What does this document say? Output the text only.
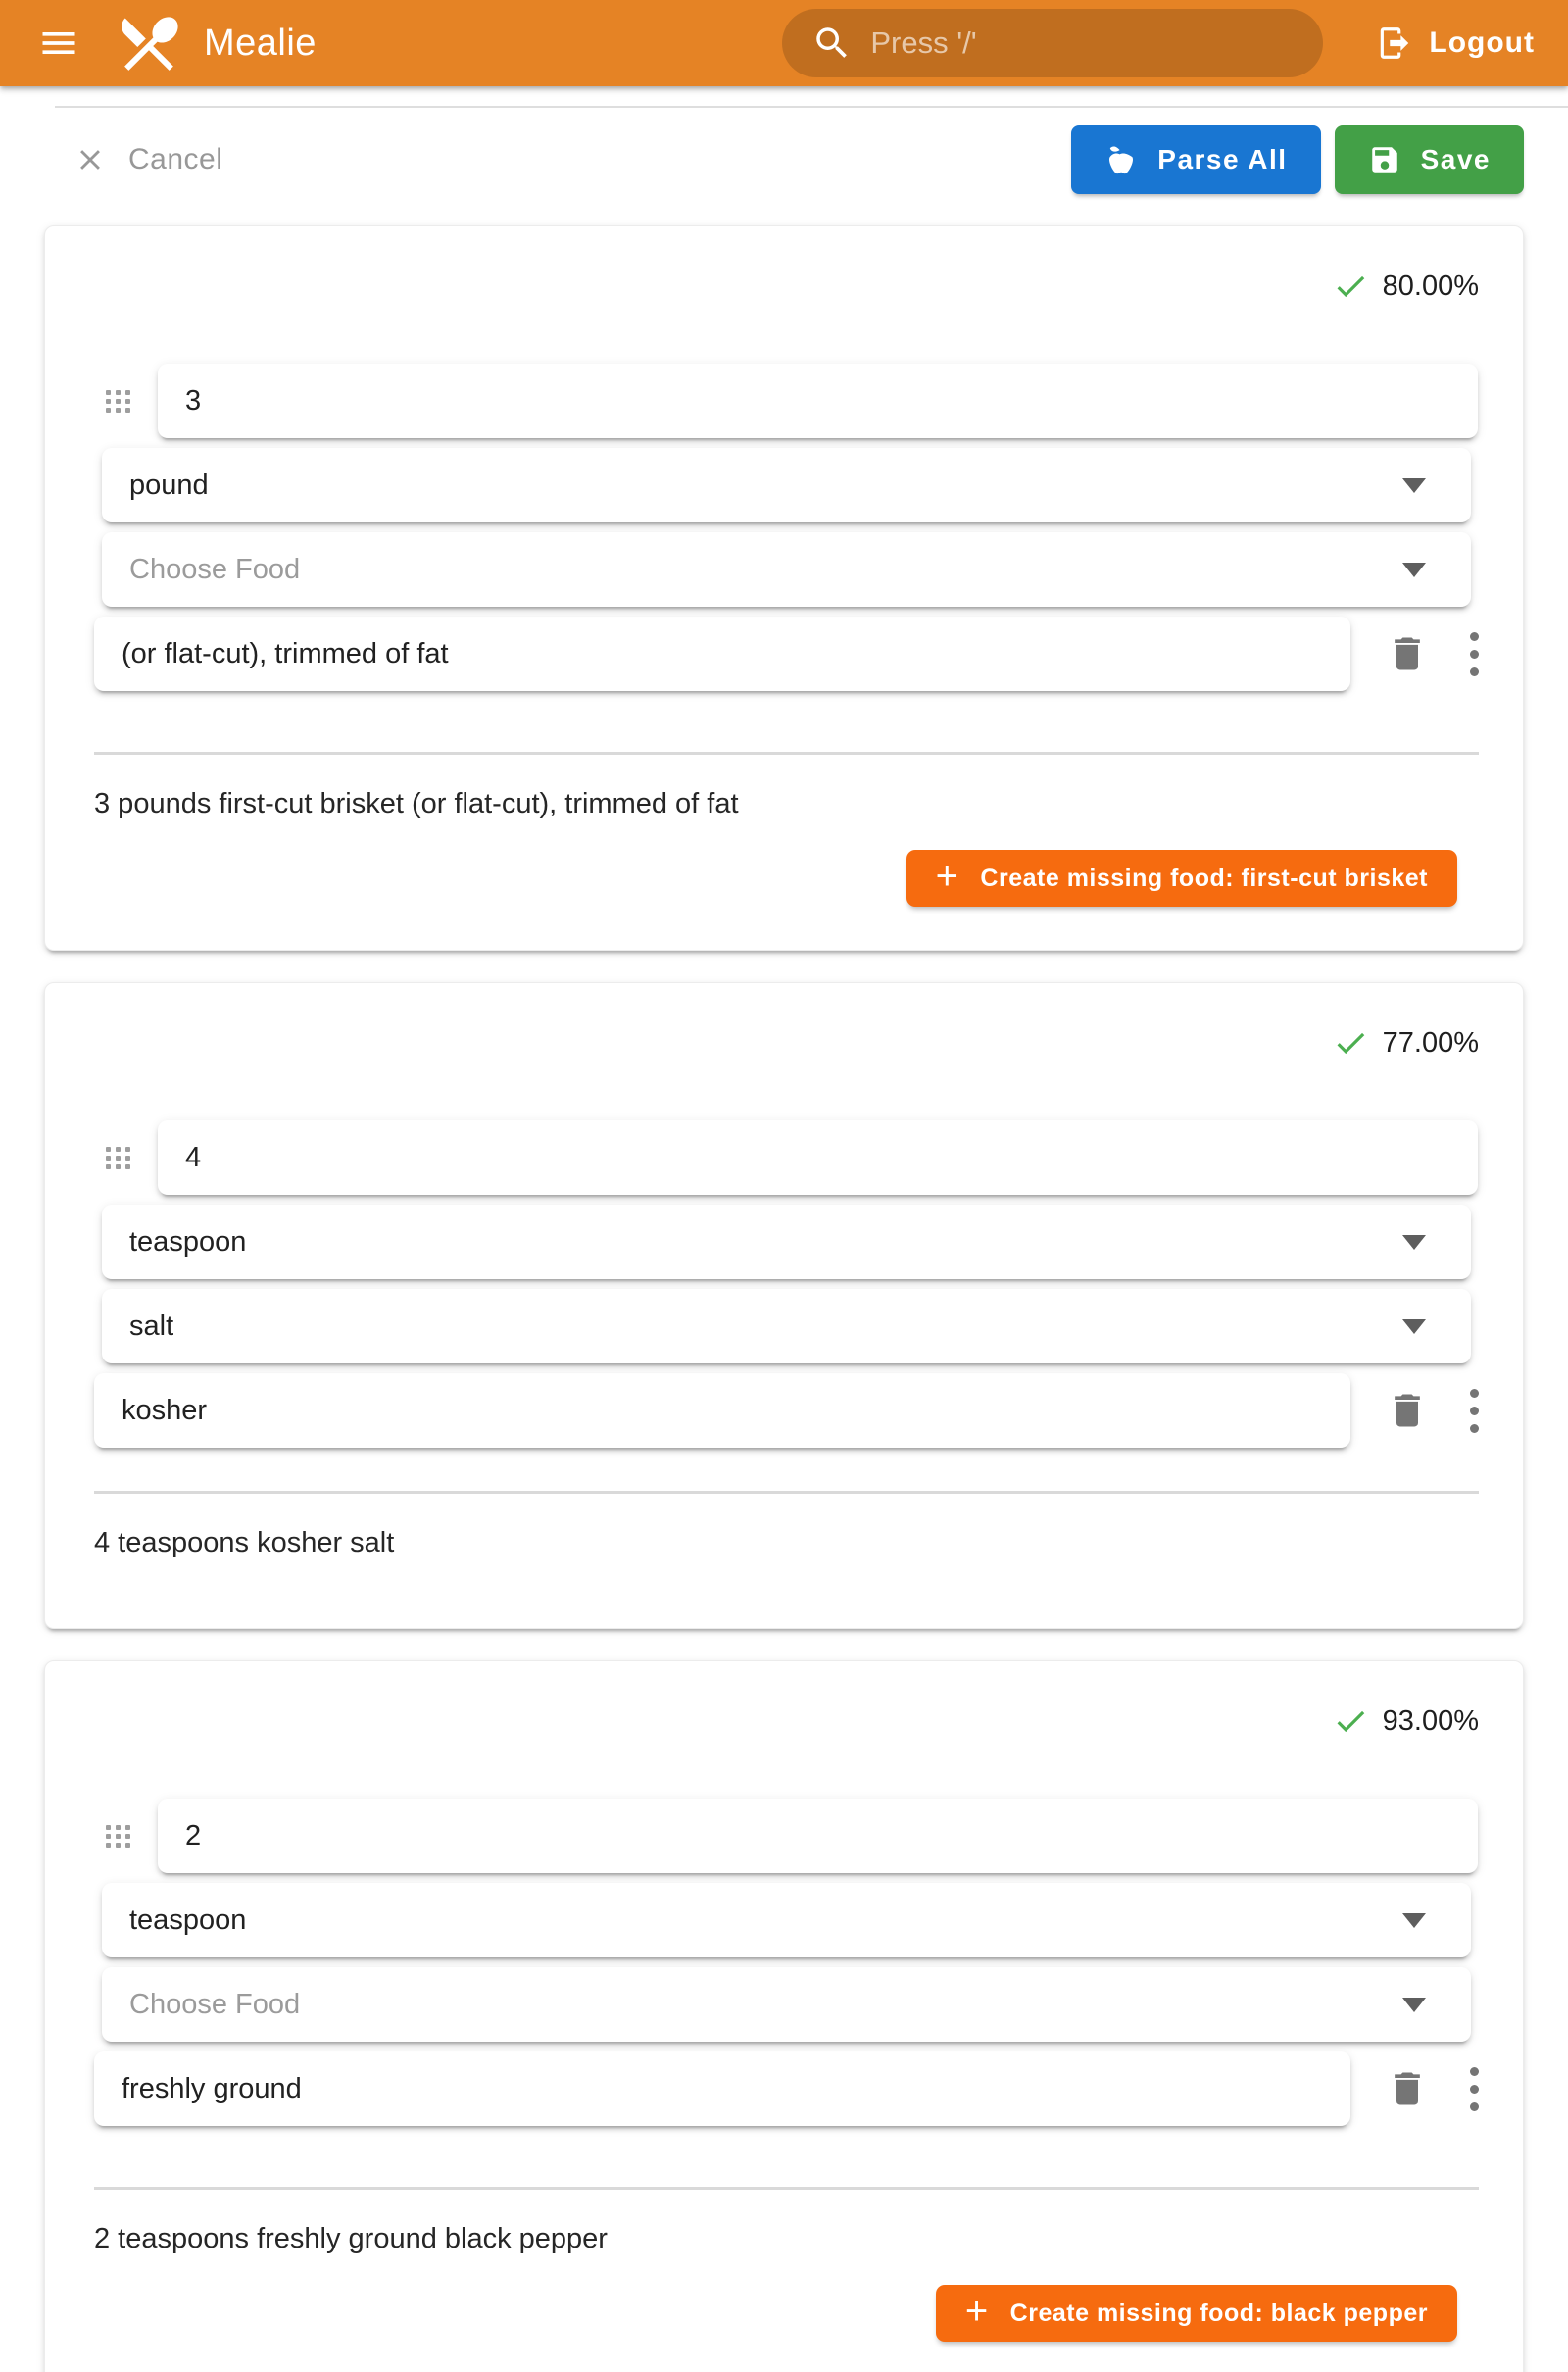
Mealie	Press '/'	Logout
Cancel	Parse All	Save
80.00%
3
pound
Choose Food
(or flat-cut), trimmed of fat
3 pounds first-cut brisket (or flat-cut), trimmed of fat
+ Create missing food: first-cut brisket
77.00%
4
teaspoon
salt
kosher
4 teaspoons kosher salt
93.00%
2
teaspoon
Choose Food
freshly ground
2 teaspoons freshly ground black pepper
+ Create missing food: black pepper
